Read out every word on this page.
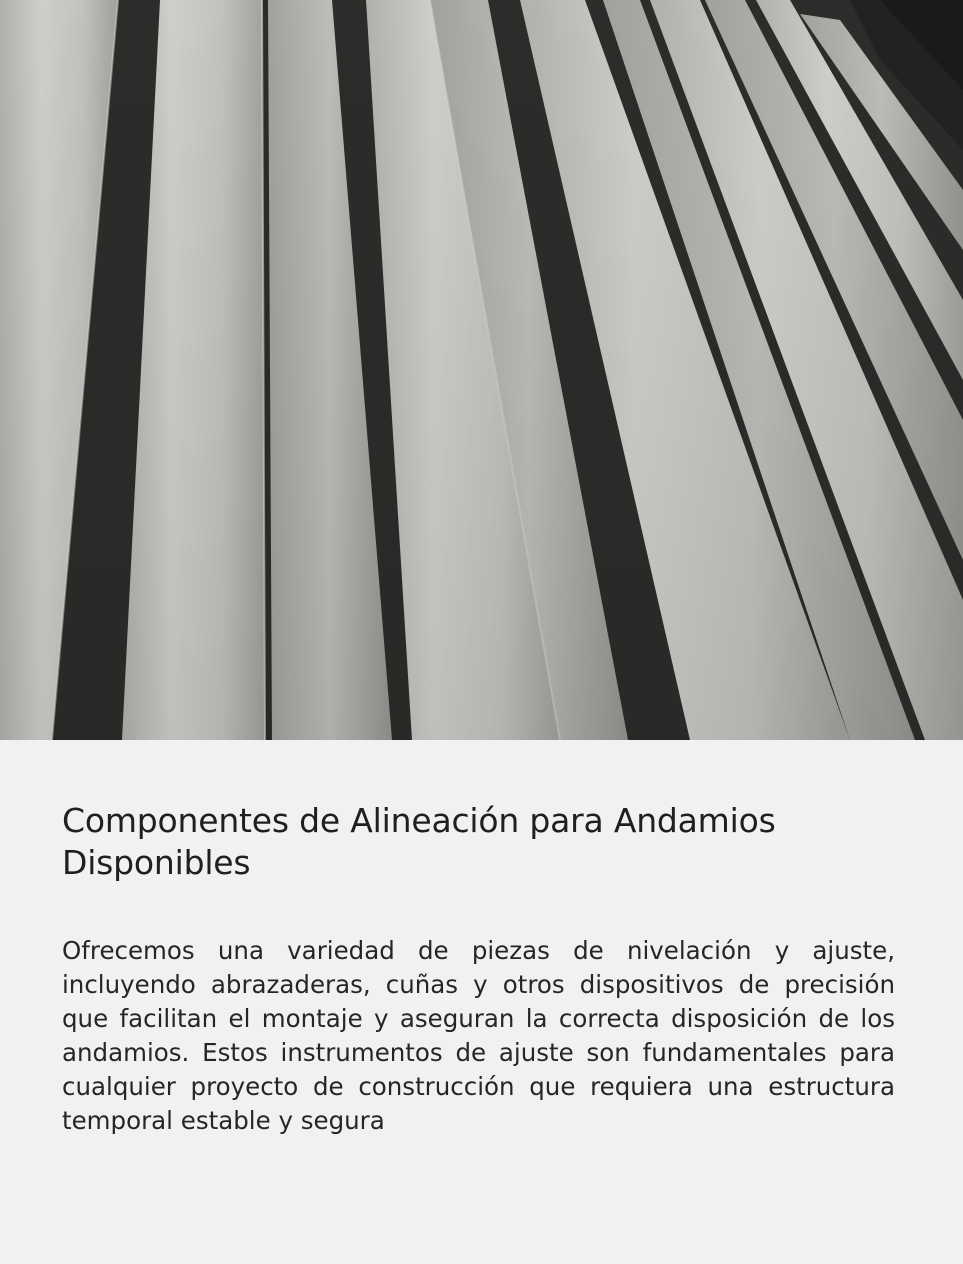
Componentes de Alineación para Andamios Disponibles

Ofrecemos una variedad de piezas de nivelación y ajuste, incluyendo abrazaderas, cuñas y otros dispositivos de precisión que facilitan el montaje y aseguran la correcta disposición de los andamios. Estos instrumentos de ajuste son fundamentales para cualquier proyecto de construcción que requiera una estructura temporal estable y segura
